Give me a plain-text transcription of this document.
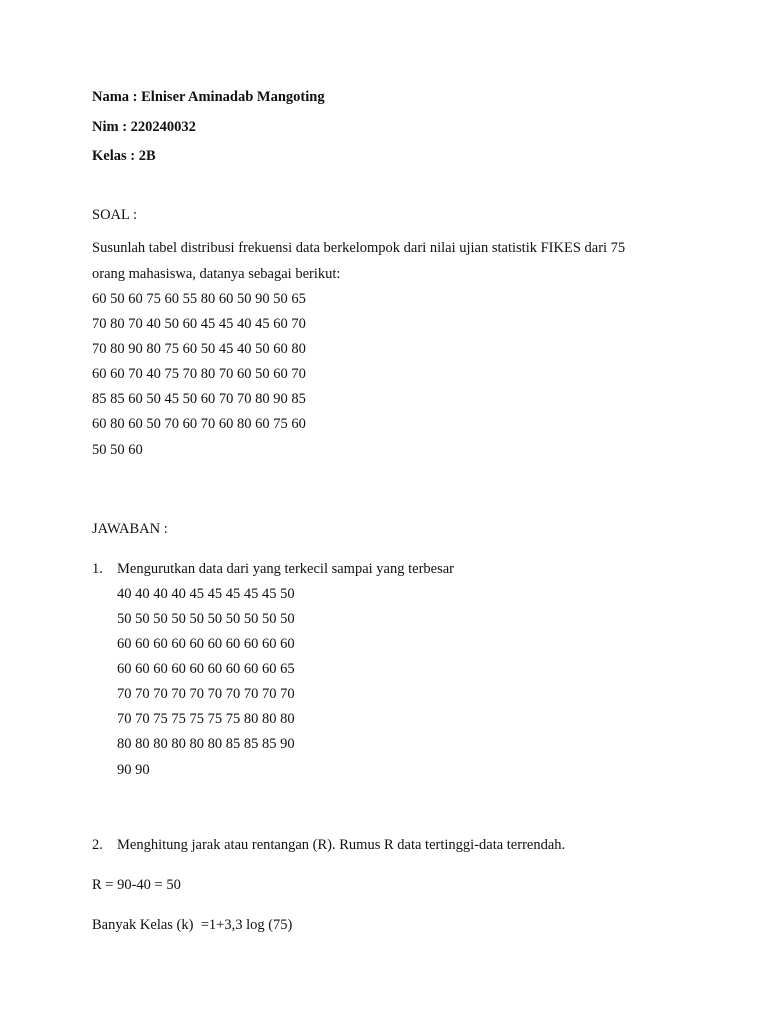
Nama : Elniser Aminadab Mangoting
Nim : 220240032
Kelas : 2B
SOAL :
Susunlah tabel distribusi frekuensi data berkelompok dari nilai ujian statistik FIKES dari 75
orang mahasiswa, datanya sebagai berikut:
60 50 60 75 60 55 80 60 50 90 50 65
70 80 70 40 50 60 45 45 40 45 60 70
70 80 90 80 75 60 50 45 40 50 60 80
60 60 70 40 75 70 80 70 60 50 60 70
85 85 60 50 45 50 60 70 70 80 90 85
60 80 60 50 70 60 70 60 80 60 75 60
50 50 60
JAWABAN :
1. Mengurutkan data dari yang terkecil sampai yang terbesar
40 40 40 40 45 45 45 45 45 50
50 50 50 50 50 50 50 50 50 50
60 60 60 60 60 60 60 60 60 60
60 60 60 60 60 60 60 60 60 65
70 70 70 70 70 70 70 70 70 70
70 70 75 75 75 75 75 80 80 80
80 80 80 80 80 80 85 85 85 90
90 90
2. Menghitung jarak atau rentangan (R). Rumus R data tertinggi-data terrendah.
R = 90-40 = 50
Banyak Kelas (k)  =1+3,3 log (75)
